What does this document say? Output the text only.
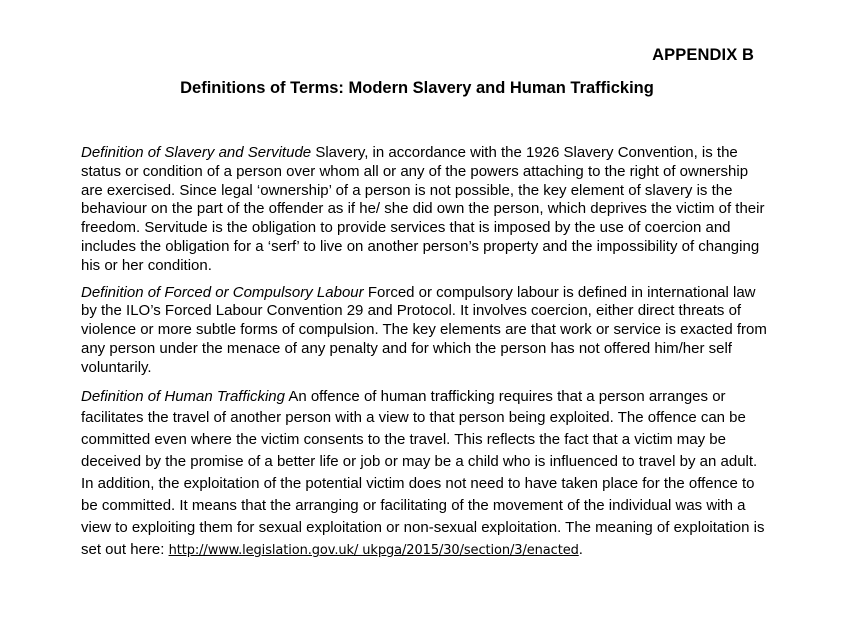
APPENDIX B

Definitions of Terms: Modern Slavery and Human Trafficking

Definition of Slavery and Servitude Slavery, in accordance with the 1926 Slavery Convention, is the status or condition of a person over whom all or any of the powers attaching to the right of ownership are exercised. Since legal ‘ownership’ of a person is not possible, the key element of slavery is the behaviour on the part of the offender as if he/ she did own the person, which deprives the victim of their freedom. Servitude is the obligation to provide services that is imposed by the use of coercion and includes the obligation for a ‘serf’ to live on another person’s property and the impossibility of changing his or her condition.

Definition of Forced or Compulsory Labour Forced or compulsory labour is defined in international law by the ILO’s Forced Labour Convention 29 and Protocol. It involves coercion, either direct threats of violence or more subtle forms of compulsion. The key elements are that work or service is exacted from any person under the menace of any penalty and for which the person has not offered him/her self voluntarily.

Definition of Human Trafficking An offence of human trafficking requires that a person arranges or facilitates the travel of another person with a view to that person being exploited. The offence can be committed even where the victim consents to the travel. This reflects the fact that a victim may be deceived by the promise of a better life or job or may be a child who is influenced to travel by an adult. In addition, the exploitation of the potential victim does not need to have taken place for the offence to be committed. It means that the arranging or facilitating of the movement of the individual was with a view to exploiting them for sexual exploitation or non-sexual exploitation. The meaning of exploitation is set out here: http://www.legislation.gov.uk/ ukpga/2015/30/section/3/enacted.
